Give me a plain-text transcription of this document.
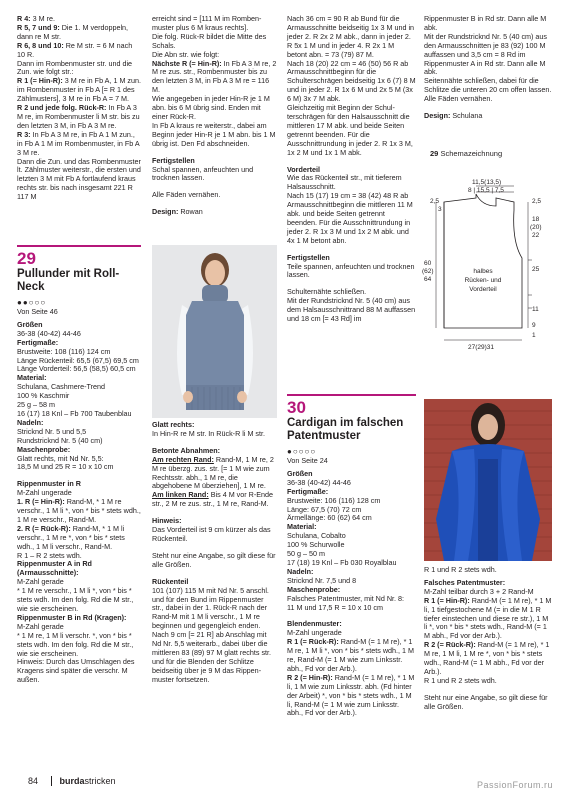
R 4: 3 M re.
R 5, 7 und 9: Die 1. M verdoppeln, dann re M str.
R 6, 8 und 10: Re M str. = 6 M nach 10 R.
Dann im Rombenmuster str. und die Zun. wie folgt str.:
R 1 (= Hin-R): 3 M re in Fb A, 1 M zun. im Rombenmuster in Fb A [= R 1 des Zählmusters], 3 M re in Fb A = 7 M.
R 2 und jede folg. Rück-R: In Fb A 3 M re, im Rombenmuster li M str. bis zu den letzten 3 M, in Fb A 3 M re.
R 3: In Fb A 3 M re, in Fb A 1 M zun., in Fb A 1 M im Rombenmuster, in Fb A 3 M re.
Dann die Zun. und das Rombenmuster lt. Zählmuster weiterstr., die ersten und letzten 3 M mit Fb A fortlaufend kraus rechts str. bis nach insgesamt 221 R 117 M
erreicht sind = [111 M im Rombenmuster plus 6 M kraus rechts].
Die folg. Rück-R bildet die Mitte des Schals.
Die Abn str. wie folgt:
Nächste R (= Hin-R): In Fb A 3 M re, 2 M re zus. str., Rombenmuster bis zu den letzten 3 M, in Fb A 3 M re = 116 M.
Wie angegeben in jeder Hin-R je 1 M abn. bis 6 M übrig sind. Enden mit einer Rück-R.
In Fb A kraus re weiterstr., dabei am Beginn jeder Hin-R je 1 M abn. bis 1 M übrig ist. Den Fd abschneiden.
Fertigstellen
Schal spannen, anfeuchten und trocknen lassen.
Alle Fäden vernähen.
Design: Rowan
Nach 36 cm = 90 R ab Bund für die Armausschnitte beidseitig 1x 3 M und in jeder 2. R 2x 2 M abk., dann in jeder 2. R 5x 1 M und in jeder 4. R 2x 1 M betont abn. = 73 (79) 87 M.
Nach 18 (20) 22 cm = 46 (50) 56 R ab Armausschnittbeginn für die Schulterschrägen beidseitig 1x 6 (7) 8 M und in jeder 2. R 1x 6 M und 2x 5 M (3x 6 M) 3x 7 M abk.
Gleichzeitig mit Beginn der Schulterschrägen für den Halsausschnitt die mittleren 17 M abk. und beide Seiten getrennt beenden. Für die Ausschnittrundung in jeder 2. R 1x 3 M, 1x 2 M und 1x 1 M abk.
Vorderteil
Wie das Rückenteil str., mit tieferem Halsausschnitt.
Nach 15 (17) 19 cm = 38 (42) 48 R ab Armausschnittbeginn die mittleren 11 M abk. und beide Seiten getrennt beenden. Für die Ausschnittrundung in jeder 2. R 1x 3 M und 1x 2 M abk. und 4x 1 M betont abn.
Fertigstellen
Teile spannen, anfeuchten und trocknen lassen.
Schulternähte schließen.
Mit der Rundstricknd Nr. 5 (40 cm) aus dem Halsausschnittrand 88 M auffassen und 18 cm [= 43 Rd] im
Rippenmuster B in Rd str. Dann alle M abk.
Mit der Rundstricknd Nr. 5 (40 cm) aus den Armausschnitten je 83 (92) 100 M auffassen und 3,5 cm = 8 Rd im Rippenmuster A in Rd str. Dann alle M abk.
Seitennähte schließen, dabei für die Schlitze die unteren 20 cm offen lassen.
Alle Fäden vernähen.
Design: Schulana
29 Schemazeichnung
11,5(13,5)
8 | 15,5 | 7,5
2,5
3
2,5
18
(20)
22
60
(62)
64
halbes
Rücken- und
Vorderteil
25
11
9
1
27(29)31
29
Pullunder mit Roll-Neck
●●○○○
Von Seite 46
Größen
36-38 (40-42) 44-46
Fertigmaße:
Brustweite: 108 (116) 124 cm
Länge Rückenteil: 65,5 (67,5) 69,5 cm
Länge Vorderteil: 56,5 (58,5) 60,5 cm
Material:
Schulana, Cashmere-Trend
100 % Kaschmir
25 g – 58 m
16 (17) 18 Knl – Fb 700 Taubenblau
Nadeln:
Stricknd Nr. 5 und 5,5
Rundstricknd Nr. 5 (40 cm)
Maschenprobe:
Glatt rechts, mit Nd Nr. 5,5:
18,5 M und 25 R = 10 x 10 cm
Rippenmuster in R
M-Zahl ungerade
1. R (= Hin-R): Rand-M, * 1 M re verschr., 1 M li *, von * bis * stets wdh., 1 M re verschr., Rand-M.
2. R (= Rück-R): Rand-M, * 1 M li verschr., 1 M re *, von * bis * stets wdh., 1 M li verschr., Rand-M.
R 1 – R 2 stets wdh.
Rippenmuster A in Rd (Armausschnitte):
M-Zahl gerade
* 1 M re verschr., 1 M li *, von * bis * stets wdh. Im den folg. Rd die M str., wie sie erscheinen.
Rippenmuster B in Rd (Kragen):
M-Zahl gerade
* 1 M re, 1 M li verschr. *, von * bis * stets wdh. Im den folg. Rd die M str., wie sie erscheinen.
Hinweis: Durch das Umschlagen des Kragens sind später die verschr. M außen.
Glatt rechts:
In Hin-R re M str. In Rück-R li M str.
Betonte Abnahmen:
Am rechten Rand: Rand-M, 1 M re, 2 M re überzg. zus. str. [= 1 M wie zum Rechtsstr. abh., 1 M re, die abgehobene M überziehen], 1 M re.
Am linken Rand: Bis 4 M vor R-Ende str., 2 M re zus. str., 1 M re, Rand-M.
Hinweis:
Das Vorderteil ist 9 cm kürzer als das Rückenteil.
Steht nur eine Angabe, so gilt diese für alle Größen.
Rückenteil
101 (107) 115 M mit Nd Nr. 5 anschl. und für den Bund im Rippenmuster str., dabei in der 1. Rück-R nach der Rand-M mit 1 M li verschr., 1 M re beginnen und gegengleich enden. Nach 9 cm [= 21 R] ab Anschlag mit Nd Nr. 5,5 weiterarb., dabei über die mittleren 83 (89) 97 M glatt rechts str. und für die Blenden der Schlitze beidseitig über je 9 M das Rippenmuster fortsetzen.
30
Cardigan im falschen Patentmuster
●○○○○
Von Seite 24
Größen
36-38 (40-42) 44-46
Fertigmaße:
Brustweite: 106 (116) 128 cm
Länge: 67,5 (70) 72 cm
Ärmellänge: 60 (62) 64 cm
Material:
Schulana, Cobalto
100 % Schurwolle
50 g – 50 m
17 (18) 19 Knl – Fb 030 Royalblau
Nadeln:
Stricknd Nr. 7,5 und 8
Maschenprobe:
Falsches Patentmuster, mit Nd Nr. 8:
11 M und 17,5 R = 10 x 10 cm
Blendenmuster:
M-Zahl ungerade
R 1 (= Rück-R): Rand-M (= 1 M re), * 1 M re, 1 M li *, von * bis * stets wdh., 1 M re, Rand-M (= 1 M wie zum Linksstr. abh., Fd vor der Arb.).
R 2 (= Hin-R): Rand-M (= 1 M re), * 1 M li, 1 M wie zum Linksstr. abh. (Fd hinter der Arbeit) *, von * bis * stets wdh., 1 M li, Rand-M (= 1 M wie zum Linksstr. abh., Fd vor der Arb.).
R 1 und R 2 stets wdh.
Falsches Patentmuster:
M-Zahl teilbar durch 3 + 2 Rand-M
R 1 (= Hin-R): Rand-M (= 1 M re), * 1 M li, 1 tiefgestochene M (= in die M 1 R tiefer einstechen und diese re str.), 1 M li *, von * bis * stets wdh., Rand-M (= 1 M abh., Fd vor der Arb.).
R 2 (= Rück-R): Rand-M (= 1 M re), * 1 M re, 1 M li, 1 M re *, von * bis * stets wdh., Rand-M (= 1 M abh., Fd vor der Arb.).
R 1 und R 2 stets wdh.
Steht nur eine Angabe, so gilt diese für alle Größen.
84 burdastricken	PassionForum.ru
